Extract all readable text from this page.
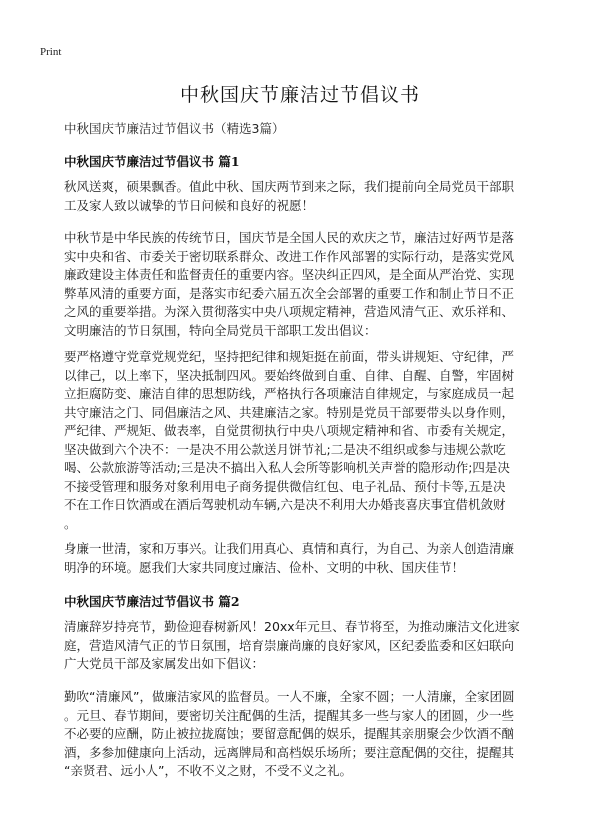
Print
中秋国庆节廉洁过节倡议书
中秋国庆节廉洁过节倡议书（精选3篇）
中秋国庆节廉洁过节倡议书 篇1
秋风送爽，硕果飘香。值此中秋、国庆两节到来之际，我们提前向全局党员干部职
工及家人致以诚挚的节日问候和良好的祝愿！
中秋节是中华民族的传统节日，国庆节是全国人民的欢庆之节，廉洁过好两节是落
实中央和省、市委关于密切联系群众、改进工作作风部署的实际行动，是落实党风
廉政建设主体责任和监督责任的重要内容。坚决纠正四风，是全面从严治党、实现
弊革风清的重要方面，是落实市纪委六届五次全会部署的重要工作和制止节日不正
之风的重要举措。为深入贯彻落实中央八项规定精神，营造风清气正、欢乐祥和、
文明廉洁的节日氛围，特向全局党员干部职工发出倡议：
要严格遵守党章党规党纪，坚持把纪律和规矩挺在前面，带头讲规矩、守纪律，严
以律己，以上率下，坚决抵制四风。要始终做到自重、自律、自醒、自警，牢固树
立拒腐防变、廉洁自律的思想防线，严格执行各项廉洁自律规定，与家庭成员一起
共守廉洁之门、同倡廉洁之风、共建廉洁之家。特别是党员干部要带头以身作则，
严纪律、严规矩、做表率，自觉贯彻执行中央八项规定精神和省、市委有关规定，
坚决做到六个决不：一是决不用公款送月饼节礼;二是决不组织或参与违规公款吃
喝、公款旅游等活动;三是决不搞出入私人会所等影响机关声誉的隐形动作;四是决
不接受管理和服务对象利用电子商务提供微信红包、电子礼品、预付卡等,五是决
不在工作日饮酒或在酒后驾驶机动车辆,六是决不利用大办婚丧喜庆事宜借机敛财
。
身廉一世清，家和万事兴。让我们用真心、真情和真行，为自己、为亲人创造清廉
明净的环境。愿我们大家共同度过廉洁、俭朴、文明的中秋、国庆佳节！
中秋国庆节廉洁过节倡议书 篇2
清廉辞岁持亮节，勤俭迎春树新风！20xx年元旦、春节将至，为推动廉洁文化进家
庭，营造风清气正的节日氛围，培育崇廉尚廉的良好家风，区纪委监委和区妇联向
广大党员干部及家属发出如下倡议：
勤吹“清廉风”，做廉洁家风的监督员。一人不廉，全家不圆；一人清廉，全家团圆
。元旦、春节期间，要密切关注配偶的生活，提醒其多一些与家人的团圆，少一些
不必要的应酬，防止被拉拢腐蚀；要留意配偶的娱乐，提醒其亲朋聚会少饮酒不酗
酒，多参加健康向上活动，远离牌局和高档娱乐场所；要注意配偶的交往，提醒其
“亲贤君、远小人”，不收不义之财，不受不义之礼。
